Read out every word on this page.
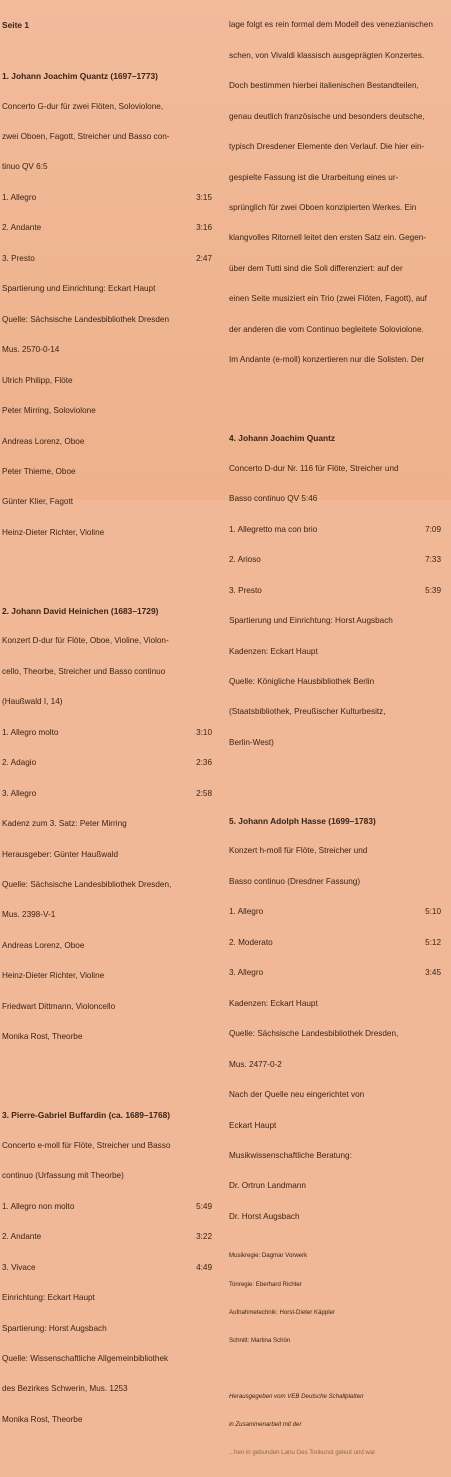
Seite 1

1. Johann Joachim Quantz (1697–1773)

Concerto G-dur für zwei Flöten, Soloviolone,

zwei Oboen, Fagott, Streicher und Basso con-

tinuo QV 6:5

1. Allegro	3:15

2. Andante	3:16

3. Presto	2:47

Spartierung und Einrichtung: Eckart Haupt

Quelle: Sächsische Landesbibliothek Dresden

Mus. 2570-0-14

Ulrich Philipp, Flöte

Peter Mirring, Soloviolone

Andreas Lorenz, Oboe

Peter Thieme, Oboe

Günter Klier, Fagott

Heinz-Dieter Richter, Violine

2. Johann David Heinichen (1683–1729)

Konzert D-dur für Flöte, Oboe, Violine, Violon-

cello, Theorbe, Streicher und Basso continuo

(Haußwald I, 14)

1. Allegro molto	3:10

2. Adagio	2:36

3. Allegro	2:58

Kadenz zum 3. Satz: Peter Mirring

Herausgeber: Günter Haußwald

Quelle: Sächsische Landesbibliothek Dresden,

Mus. 2398-V-1

Andreas Lorenz, Oboe

Heinz-Dieter Richter, Violine

Friedwart Dittmann, Violoncello

Monika Rost, Theorbe

3. Pierre-Gabriel Buffardin (ca. 1689–1768)

Concerto e-moll für Flöte, Streicher und Basso

continuo (Urfassung mit Theorbe)

1. Allegro non molto	5:49

2. Andante	3:22

3. Vivace	4:49

Einrichtung: Eckart Haupt

Spartierung: Horst Augsbach

Quelle: Wissenschaftliche Allgemeinbibliothek

des Bezirkes Schwerin, Mus. 1253

Monika Rost, Theorbe

lage folgt es rein formal dem Modell des venezianischen

schen, von Vivaldi klassisch ausgeprägten Konzertes.

Doch bestimmen hierbei italienischen Bestandteilen,

genau deutlich französische und besonders deutsche,

typisch Dresdener Elemente den Verlauf. Die hier ein-

gespielte Fassung ist die Urarbeitung eines ur-

sprünglich für zwei Oboen konzipierten Werkes. Ein

klangvolles Ritornell leitet den ersten Satz ein. Gegen-

über dem Tutti sind die Soli differenziert: auf der

einen Seite musiziert ein Trio (zwei Flöten, Fagott), auf

der anderen die vom Continuo begleitete Soloviolone.

Im Andante (e-moll) konzertieren nur die Solisten. Der

4. Johann Joachim Quantz

Concerto D-dur Nr. 116 für Flöte, Streicher und

Basso continuo QV 5:46

1. Allegretto ma con brio	7:09

2. Arioso	7:33

3. Presto	5:39

Spartierung und Einrichtung: Horst Augsbach

Kadenzen: Eckart Haupt

Quelle: Königliche Hausbibliothek Berlin

(Staatsbibliothek, Preußischer Kulturbesitz,

Berlin-West)

5. Johann Adolph Hasse (1699–1783)

Konzert h-moll für Flöte, Streicher und

Basso continuo (Dresdner Fassung)

1. Allegro	5:10

2. Moderato	5:12

3. Allegro	3:45

Kadenzen: Eckart Haupt

Quelle: Sächsische Landesbibliothek Dresden,

Mus. 2477-0-2

Nach der Quelle neu eingerichtet von

Eckart Haupt

Musikwissenschaftliche Beratung:

Dr. Ortrun Landmann

Dr. Horst Augsbach

Musikregie: Dagmar Vorwerk

Tonregie: Eberhard Richter

Aufnahmetechnik: Horst-Dieter Käppler

Schnitt: Martina Schön

Herausgegeben vom VEB Deutsche Schallplatten

in Zusammenarbeit mit der

...hen in gebunden Lanu Ges Tonkunst geleut und war
